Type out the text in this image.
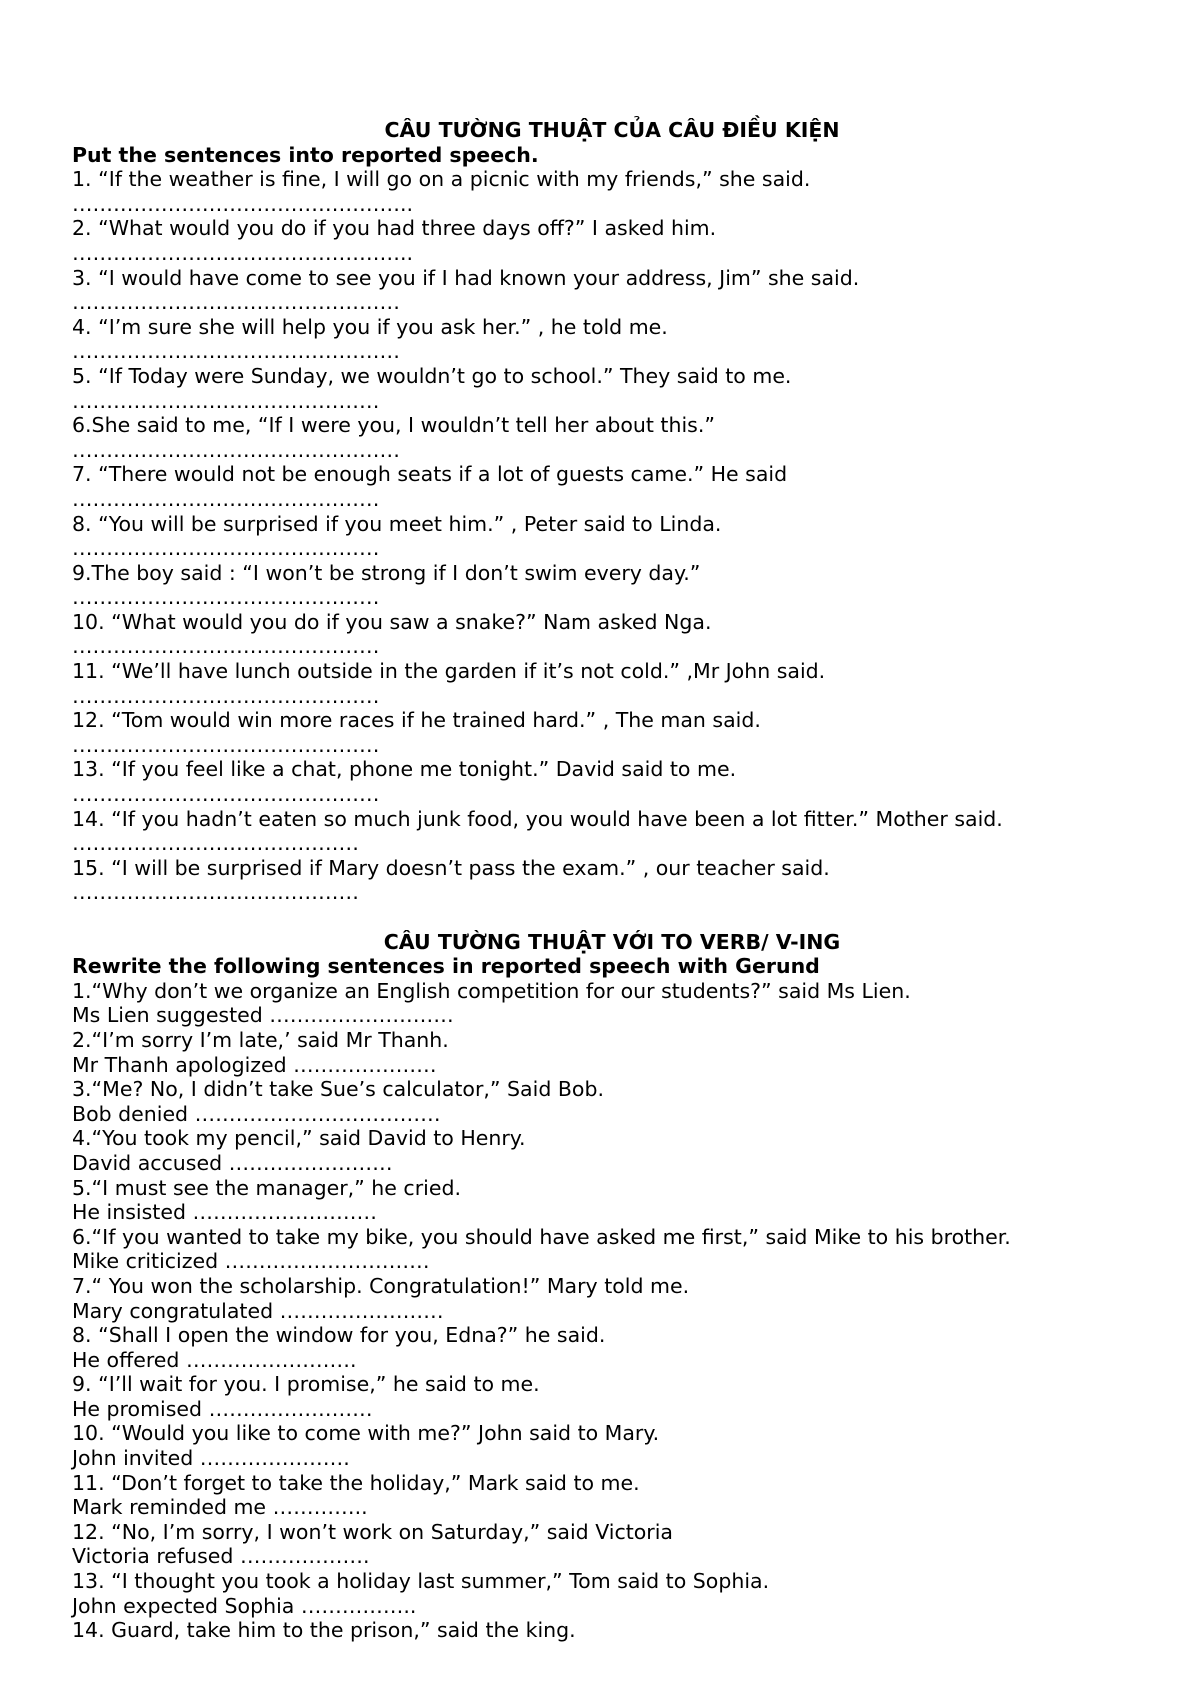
CÂU TƯỜNG THUẬT CỦA CÂU ĐIỀU KIỆN
Put the sentences into reported speech.
1. “If the weather is fine, I will go on a picnic with my friends,” she said.
…………………………………………..
2. “What would you do if you had three days off?” I asked him.
…………………………………………..
3. “I would have come to see you if I had known your address, Jim” she said.
…………………………………………
4. “I’m sure she will help you if you ask her.” , he told me.
…………………………………………
5. “If Today were Sunday, we wouldn’t go to school.” They said to me.
………………………………………
6.She said to me, “If I were you, I wouldn’t tell her about this.”
…………………………………………
7. “There would not be enough seats if a lot of guests came.” He said
………………………………………
8. “You will be surprised if you meet him.” , Peter said to Linda.
………………………………………
9.The boy said : “I won’t be strong if I don’t swim every day.”
………………………………………
10. “What would you do if you saw a snake?” Nam asked Nga.
………………………………………
11. “We’ll have lunch outside in the garden if it’s not cold.” ,Mr John said.
………………………………………
12. “Tom would win more races if he trained hard.” , The man said.
………………………………………
13. “If you feel like a chat, phone me tonight.” David said to me.
………………………………………
14. “If you hadn’t eaten so much junk food, you would have been a lot fitter.” Mother said.
……………………………………
15. “I will be surprised if Mary doesn’t pass the exam.” , our teacher said.
……………………………………
CÂU TƯỜNG THUẬT VỚI TO VERB/ V-ING
Rewrite the following sentences in reported speech with Gerund
1.“Why don’t we organize an English competition for our students?” said Ms Lien.
Ms Lien suggested ………………………
2.“I’m sorry I’m late,’ said Mr Thanh.
Mr Thanh apologized …………………
3.“Me? No, I didn’t take Sue’s calculator,” Said Bob.
Bob denied ………………………………
4.“You took my pencil,” said David to Henry.
David accused ……………………
5.“I must see the manager,” he cried.
He insisted ………………………
6.“If you wanted to take my bike, you should have asked me first,” said Mike to his brother.
Mike criticized …………………………
7.“ You won the scholarship. Congratulation!” Mary told me.
Mary congratulated ……………………
8. “Shall I open the window for you, Edna?” he said.
He offered …………………….
9. “I’ll wait for you. I promise,” he said to me.
He promised ……………………
10. “Would you like to come with me?” John said to Mary.
John invited ………………….
11. “Don’t forget to take the holiday,” Mark said to me.
Mark reminded me …………..
12. “No, I’m sorry, I won’t work on Saturday,” said Victoria
Victoria refused ……………….
13. “I thought you took a holiday last summer,” Tom said to Sophia.
John expected Sophia ……………..
14. Guard, take him to the prison,” said the king.
